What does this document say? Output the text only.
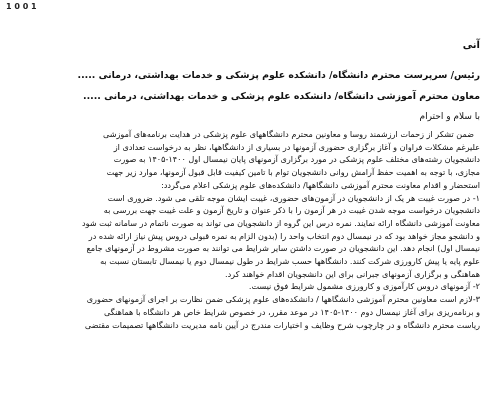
1 0 0 1
آنی
رئیس/ سرپرست محترم دانشگاه/ دانشکده علوم پزشکی و خدمات بهداشتی، درمانی .....
معاون محترم آموزشی دانشگاه/ دانشکده علوم پزشکی و خدمات بهداشتی، درمانی .....
با سلام و احترام
ضمن تشکر از زحمات ارزشمند روسا و معاونین محترم دانشگاههای علوم پزشکی در هدایت برنامه‌های آموزشی
علیرغم مشکلات فراوان و آغاز برگزاری حضوری آزمونها در بسیاری از دانشگاهها، نظر به درخواست تعدادی از
دانشجویان رشته‌های مختلف علوم پزشکی در مورد برگزاری آزمونهای پایان نیمسال اول ۱۴۰۰-۱۴۰۵ به صورت
مجازی، با توجه به اهمیت حفظ آرامش روانی دانشجویان توام با تامین کیفیت قابل قبول آزمونها، موارد زیر جهت
استحضار و اقدام معاونت محترم آموزشی دانشگاهها/ دانشکده‌های علوم پزشکی اعلام می‌گردد:
۱- در صورت غیبت هر یک از دانشجویان در آزمون‌های حضوری، غیبت ایشان موجه تلقی می شود. ضروری است
دانشجویان درخواست موجه شدن غیبت در هر آزمون را با ذکر عنوان و تاریخ آزمون و علت غیبت جهت بررسی به
معاونت آموزشی دانشگاه ارائه نمایند. نمره درس این گروه از دانشجویان می تواند به صورت ناتمام در سامانه ثبت شود
و دانشجو مجاز خواهد بود که در نیمسال دوم انتخاب واحد را (بدون الزام به نمره قبولی دروس پیش نیاز ارائه شده در
نیمسال اول) انجام دهد. این دانشجویان در صورت داشتن سایر شرایط می توانند به صورت مشروط در آزمونهای جامع
علوم پایه یا پیش کارورزی شرکت کنند. دانشگاهها حسب شرایط در طول نیمسال دوم یا نیمسال تابستان نسبت به
هماهنگی و برگزاری آزمونهای جبرانی برای این دانشجویان اقدام خواهند کرد.
۲- آزمونهای دروس کارآموزی و کارورزی مشمول شرایط فوق نیست.
۳-لازم است معاونین محترم آموزشی دانشگاهها / دانشکده‌های علوم پزشکی ضمن نظارت بر اجرای آزمونهای حضوری
و برنامه‌ریزی برای آغاز نیمسال دوم ۱۴۰۰-۱۴۰۵ در موعد مقرر، در خصوص شرایط خاص هر دانشگاه با هماهنگی
ریاست محترم دانشگاه و در چارچوب شرح وظایف و اختیارات مندرج در آیین نامه مدیریت دانشگاهها تصمیمات مقتضی
